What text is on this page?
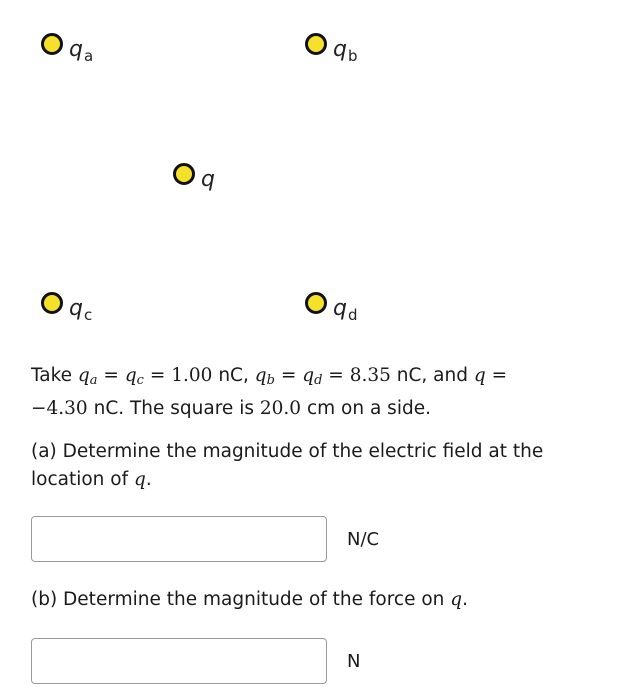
$q_a$	$q_b$
q
$q_c$	$q_d$
Take qa = qc = 1.00 nC, qb = qd = 8.35 nC, and q =
−4.30 nC. The square is 20.0 cm on a side.
(a) Determine the magnitude of the electric field at the location of q.
N/C
(b) Determine the magnitude of the force on q.
N
